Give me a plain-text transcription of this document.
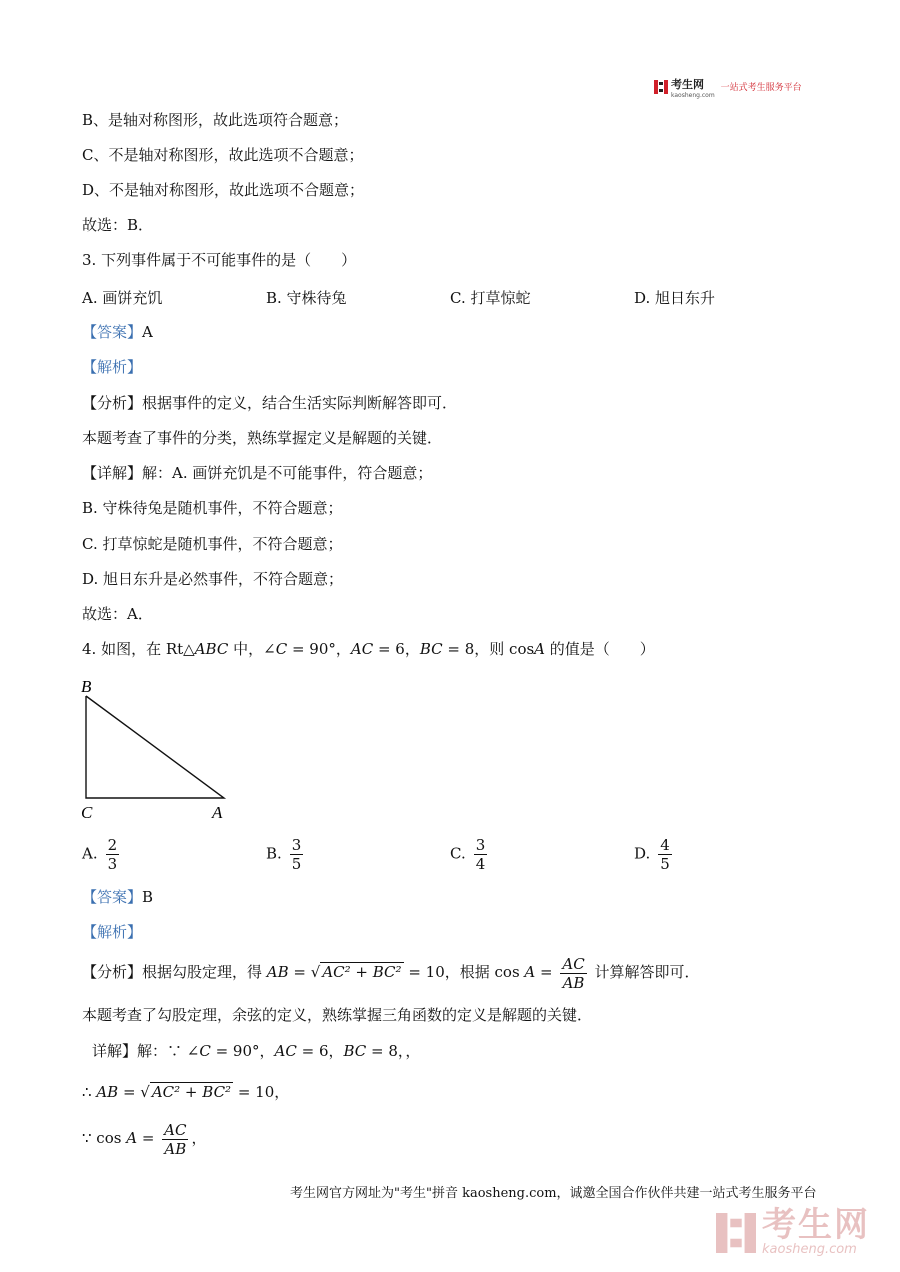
考生网
kaosheng.com
一站式考生服务平台
B、是轴对称图形，故此选项符合题意；
C、不是轴对称图形，故此选项不合题意；
D、不是轴对称图形，故此选项不合题意；
故选：B．
3. 下列事件属于不可能事件的是（　　）
A. 画饼充饥	B. 守株待兔	C. 打草惊蛇	D. 旭日东升
【答案】A
【解析】
【分析】根据事件的定义，结合生活实际判断解答即可．
本题考查了事件的分类，熟练掌握定义是解题的关键．
【详解】解：A. 画饼充饥是不可能事件，符合题意；
B. 守株待兔是随机事件，不符合题意；
C. 打草惊蛇是随机事件，不符合题意；
D. 旭日东升是必然事件，不符合题意；
故选：A．
4. 如图，在 Rt△ABC 中，∠C = 90°，AC = 6，BC = 8，则 cosA 的值是（　　）
B
C	A
A. $\frac{2}{3}$	B. $\frac{3}{5}$	C. $\frac{3}{4}$	D. $\frac{4}{5}$
【答案】B
【解析】
【分析】根据勾股定理，得 AB = √ AC² + BC² = 10，根据 $\cos A = \frac{AC}{AB}$ 计算解答即可．
本题考查了勾股定理，余弦的定义，熟练掌握三角函数的定义是解题的关键．
详解】解：∵ ∠C = 90°，AC = 6，BC = 8，，
∴ AB = √ AC² + BC² = 10，
∵ $\cos A = \frac{AC}{AB}$ ，
考生网官方网址为"考生"拼音 kaosheng.com，诚邀全国合作伙伴共建一站式考生服务平台
考生网
kaosheng.com
